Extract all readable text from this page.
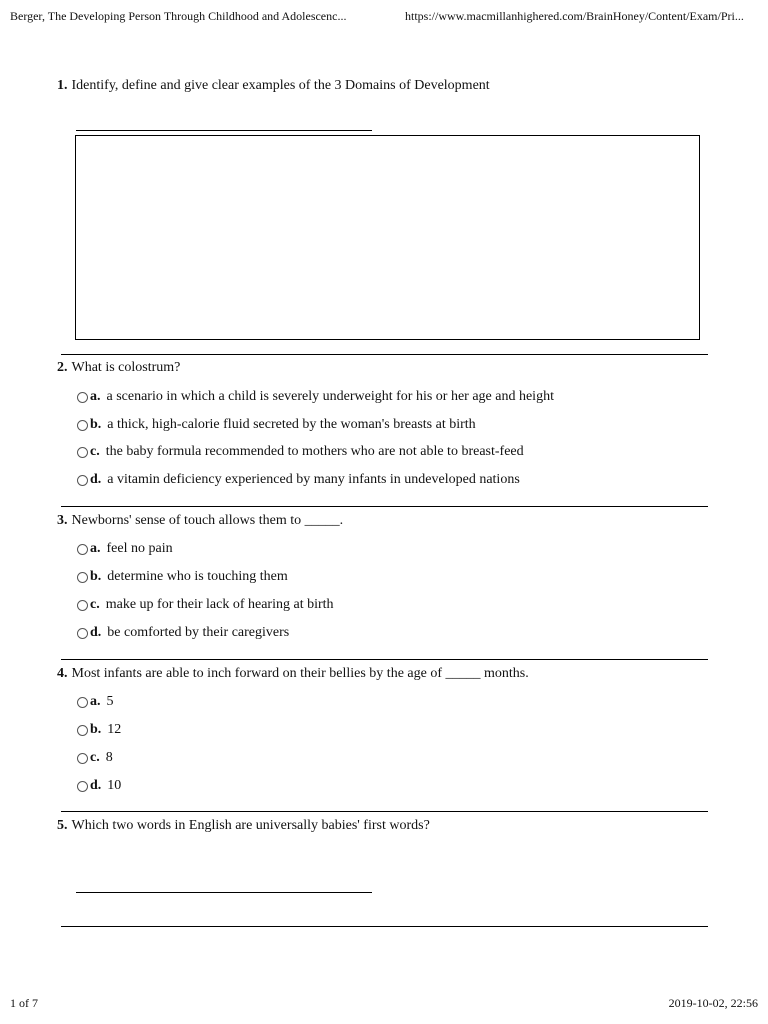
Berger, The Developing Person Through Childhood and Adolescenc...	https://www.macmillanhighered.com/BrainHoney/Content/Exam/Pri...
1. Identify, define and give clear examples of the 3 Domains of Development
2. What is colostrum?
a. a scenario in which a child is severely underweight for his or her age and height
b. a thick, high-calorie fluid secreted by the woman's breasts at birth
c. the baby formula recommended to mothers who are not able to breast-feed
d. a vitamin deficiency experienced by many infants in undeveloped nations
3. Newborns' sense of touch allows them to _____.
a. feel no pain
b. determine who is touching them
c. make up for their lack of hearing at birth
d. be comforted by their caregivers
4. Most infants are able to inch forward on their bellies by the age of _____ months.
a. 5
b. 12
c. 8
d. 10
5. Which two words in English are universally babies' first words?
1 of 7	2019-10-02, 22:56
